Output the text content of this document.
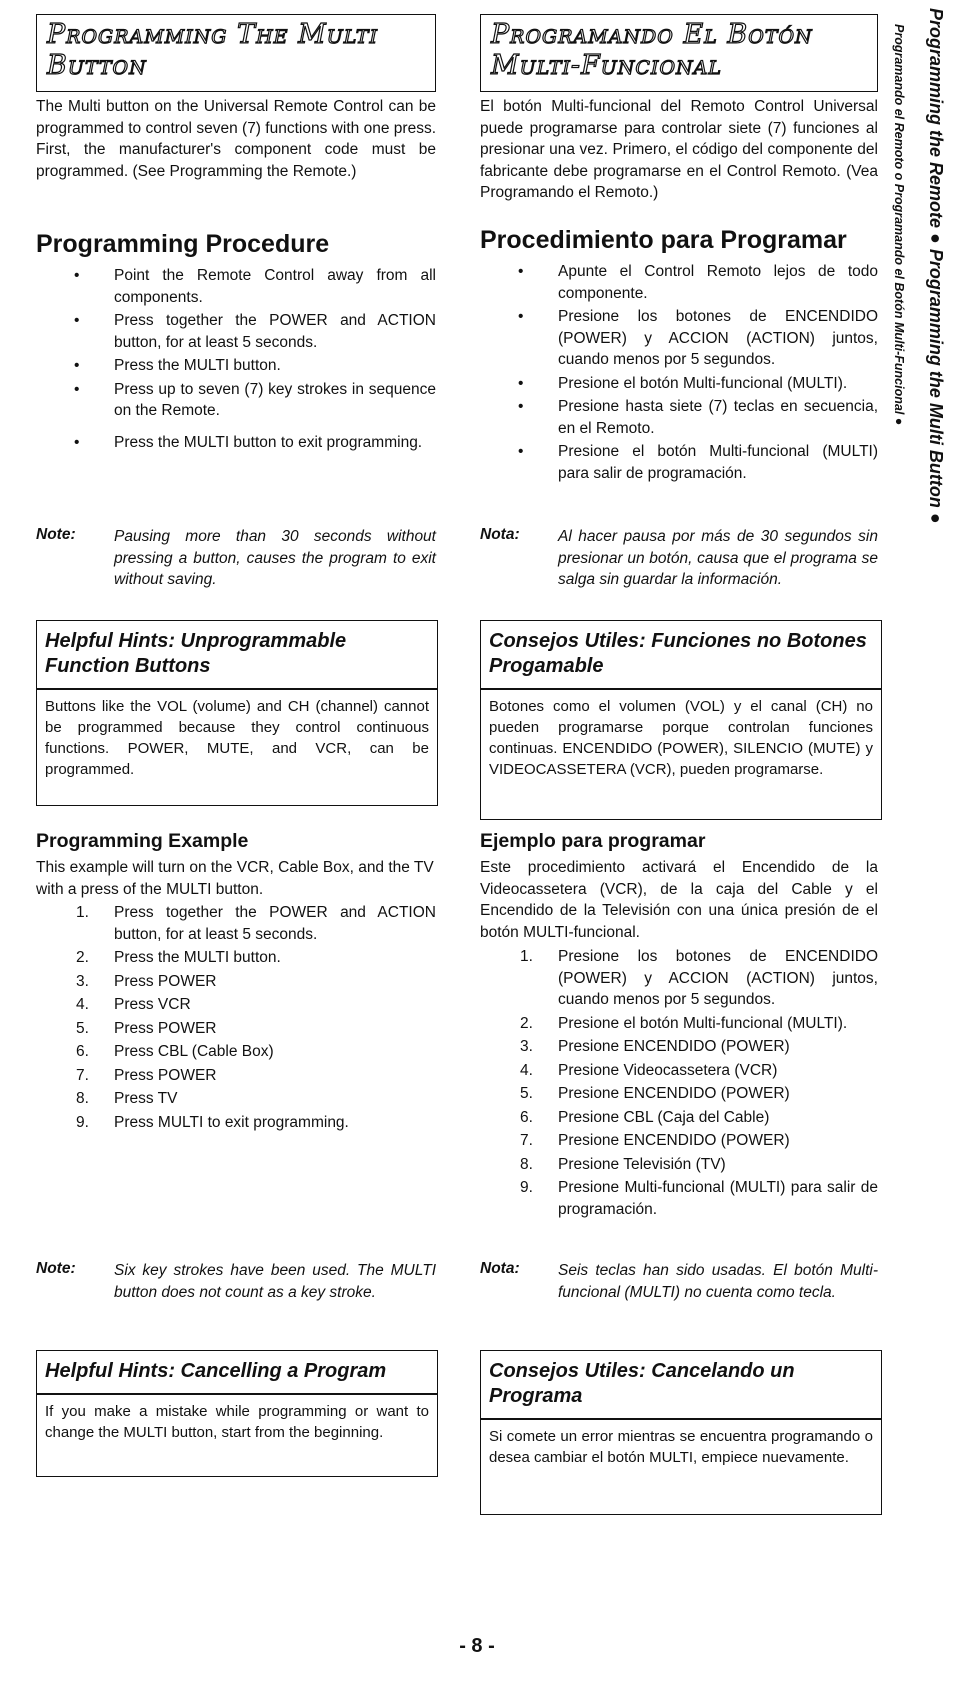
Programming The Multi Button
The Multi button on the Universal Remote Control can be programmed to control seven (7) functions with one press. First, the manufacturer's component code must be programmed. (See Programming the Remote.)
Programming Procedure
• Point the Remote Control away from all components.
• Press together the POWER and ACTION button, for at least 5 seconds.
• Press the MULTI button.
• Press up to seven (7) key strokes in sequence on the Remote.
• Press the MULTI button to exit programming.
Note: Pausing more than 30 seconds without pressing a button, causes the program to exit without saving.
Helpful Hints: Unprogrammable Function Buttons
Buttons like the VOL (volume) and CH (channel) cannot be programmed because they control continuous functions. POWER, MUTE, and VCR, can be programmed.
Programming Example
This example will turn on the VCR, Cable Box, and the TV with a press of the MULTI button.
1. Press together the POWER and ACTION button, for at least 5 seconds.
2. Press the MULTI button.
3. Press POWER
4. Press VCR
5. Press POWER
6. Press CBL (Cable Box)
7. Press POWER
8. Press TV
9. Press MULTI to exit programming.
Note: Six key strokes have been used. The MULTI button does not count as a key stroke.
Helpful Hints: Cancelling a Program
If you make a mistake while programming or want to change the MULTI button, start from the beginning.
Programando El Botón Multi-Funcional
El botón Multi-funcional del Remoto Control Universal puede programarse para controlar siete (7) funciones al presionar una vez. Primero, el código del componente del fabricante debe programarse en el Control Remoto. (Vea Programando el Remoto.)
Procedimiento para Programar
• Apunte el Control Remoto lejos de todo componente.
• Presione los botones de ENCENDIDO (POWER) y ACCION (ACTION) juntos, cuando menos por 5 segundos.
• Presione el botón Multi-funcional (MULTI).
• Presione hasta siete (7) teclas en secuencia, en el Remoto.
• Presione el botón Multi-funcional (MULTI) para salir de programación.
Nota: Al hacer pausa por más de 30 segundos sin presionar un botón, causa que el programa se salga sin guardar la información.
Consejos Utiles: Funciones no Botones Progamable
Botones como el volumen (VOL) y el canal (CH) no pueden programarse porque controlan funciones continuas. ENCENDIDO (POWER), SILENCIO (MUTE) y VIDEOCASSETERA (VCR), pueden programarse.
Ejemplo para programar
Este procedimiento activará el Encendido de la Videocassetera (VCR), de la caja del Cable y el Encendido de la Televisión con una única presión de el botón MULTI-funcional.
1. Presione los botones de ENCENDIDO (POWER) y ACCION (ACTION) juntos, cuando menos por 5 segundos.
2. Presione el botón Multi-funcional (MULTI).
3. Presione ENCENDIDO (POWER)
4. Presione Videocassetera (VCR)
5. Presione ENCENDIDO (POWER)
6. Presione CBL (Caja del Cable)
7. Presione ENCENDIDO (POWER)
8. Presione Televisión (TV)
9. Presione Multi-funcional (MULTI) para salir de programación.
Nota: Seis teclas han sido usadas. El botón Multi-funcional (MULTI) no cuenta como tecla.
Consejos Utiles: Cancelando un Programa
Si comete un error mientras se encuentra programando o desea cambiar el botón MULTI, empiece nuevamente.
Programming the Remote ● Programming the Multi Button ●
Programando el Remoto o Programando el Botón Multi-Funcional ●
- 8 -
